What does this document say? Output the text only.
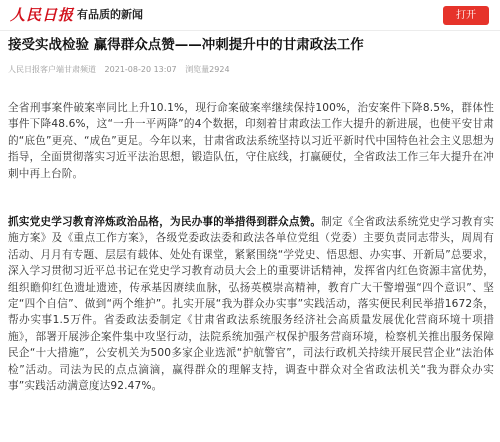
人民日报 有品质的新闻	打开
接受实战检验 赢得群众点赞——冲刺提升中的甘肃政法工作
人民日报客户端甘肃频道 2021-08-20 13:07 浏览量2924
全省刑事案件破案率同比上升10.1%，现行命案破案率继续保持100%，治安案件下降8.5%，群体性事件下降48.6%，这“一升一平两降”的4个数据，印刻着甘肃政法工作大提升的新进展，也使平安甘肃的“底色”更亮、“成色”更足。今年以来，甘肃省政法系统坚持以习近平新时代中国特色社会主义思想为指导，全面贯彻落实习近平法治思想，锻造队伍，守住底线，打赢硬仗，全省政法工作三年大提升在冲刺中再上台阶。
抓实党史学习教育淬炼政治品格，为民办事的举措得到群众点赞。制定《全省政法系统党史学习教育实施方案》及《重点工作方案》，各级党委政法委和政法各单位党组（党委）主要负责同志带头，周周有活动、月月有专题、层层有载体、处处有课堂，紧紧围绕“学党史、悟思想、办实事、开新局”总要求，深入学习贯彻习近平总书记在党史学习教育动员大会上的重要讲话精神，发挥省内红色资源丰富优势，组织瞻仰红色遗址遗迹，传承基因赓续血脉，弘扬英模崇高精神，教育广大干警增强“四个意识”、坚定“四个自信”、做到“两个维护”。扎实开展“我为群众办实事”实践活动，落实便民利民举措1672条，帮办实事1.5万件。省委政法委制定《甘肃省政法系统服务经济社会高质量发展优化营商环境十项措施》，部署开展涉企案件集中攻坚行动，法院系统加强产权保护服务营商环境，检察机关推出服务保障民企“十大措施”，公安机关为500多家企业选派“护航警官”，司法行政机关持续开展民营企业“法治体检”活动。司法为民的点点滴滴，赢得群众的理解支持，调查中群众对全省政法机关“我为群众办实事”实践活动满意度达92.47%。
